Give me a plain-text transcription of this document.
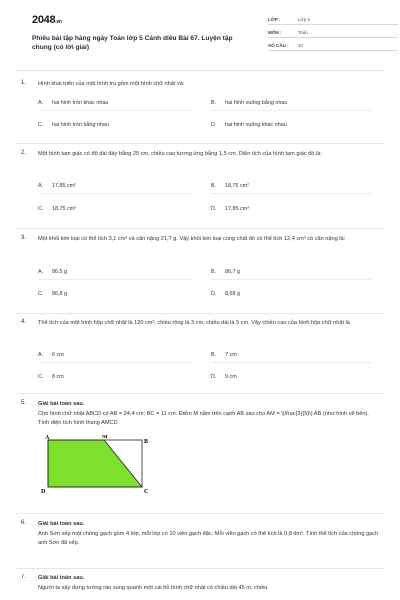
2048.vn
Phiếu bài tập hàng ngày Toán lớp 5 Cánh diều Bài 67. Luyện tập chung (có lời giải)
LỚP :	Lớp 5
MÔN :	Toán
SỐ CÂU :	10
1. Hình khai triển của một hình trụ gồm một hình chữ nhật và:
A.	hai hình tròn khác nhau	B.	hai hình vuông bằng nhau
C.	hai hình tròn bằng nhau	D.	hai hình vuông khác nhau
2. Một hình tam giác có độ dài đáy bằng 25 cm, chiều cao tương ứng bằng 1,5 cm. Diện tích của hình tam giác đó là:
A.	17,85 cm²	B.	18,75 cm²
C.	18,75 cm³	D.	17,85 cm³
3. Một khối kim loại có thể tích 3,1 cm³ và cân nặng 21,7 g. Vậy khối kim loại cùng chất đó có thể tích 12,4 cm³ có cân nặng là:
A.	86,5 g	B.	86,7 g
C.	86,8 g	D.	8,68 g
4. Thể tích của một hình hộp chữ nhật là 120 cm³, chiều rộng là 3 cm, chiều dài là 5 cm. Vậy chiều cao của hình hộp chữ nhật là
A.	6 cm	B.	7 cm
C.	8 cm	D.	9 cm
5. Giải bài toán sau.
Cho hình chữ nhật ABCD có AB = 24,4 cm; BC = 11 cm. Điểm M nằm trên cạnh AB sao cho AM = \(\frac{3}{5}\) AB (như hình vẽ bên). Tính diện tích hình thang AMCD.
A	M
B
C
D
6. Giải bài toán sau.
Anh Sơn xếp một chồng gạch gồm 4 lớp, mỗi lớp có 10 viên gạch đặc. Mỗi viên gạch có thể tích là 0,8 dm³. Tính thể tích của chồng gạch anh Sơn đã xếp.
7. Giải bài toán sau.
Người ta xây dựng tường rào xung quanh một cái hồ hình chữ nhật có chiều dài 45 m, chiều
